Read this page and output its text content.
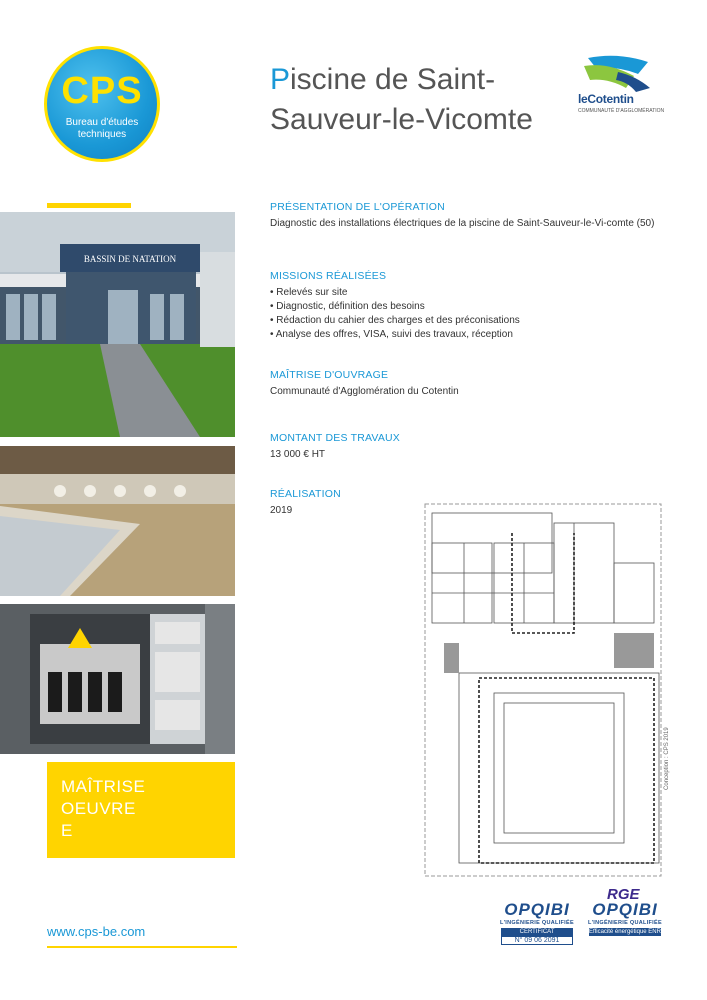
CPS
Bureau d'études
techniques
Piscine de Saint-
Sauveur-le-Vicomte
leCotentin
COMMUNAUTÉ D'AGGLOMÉRATION
BASSIN DE NATATION
MAÎTRISE
OEUVRE
E
www.cps-be.com
PRÉSENTATION DE L'OPÉRATION
Diagnostic des installations électriques de la piscine de Saint-Sauveur-le-Vi-comte (50)
MISSIONS RÉALISÉES
• Relevés sur site
• Diagnostic, définition des besoins
• Rédaction du cahier des charges et des préconisations
• Analyse des offres, VISA, suivi des travaux, réception
MAÎTRISE D'OUVRAGE
Communauté d'Agglomération du Cotentin
MONTANT DES TRAVAUX
13 000 € HT
RÉALISATION
2019
Conception : CPS 2019
OPQIBI
L'INGÉNIERIE QUALIFIÉE
CERTIFICAT
N° 09 06 2091
RGE
OPQIBI
L'INGÉNIERIE QUALIFIÉE
Efficacité énergétique ENR
